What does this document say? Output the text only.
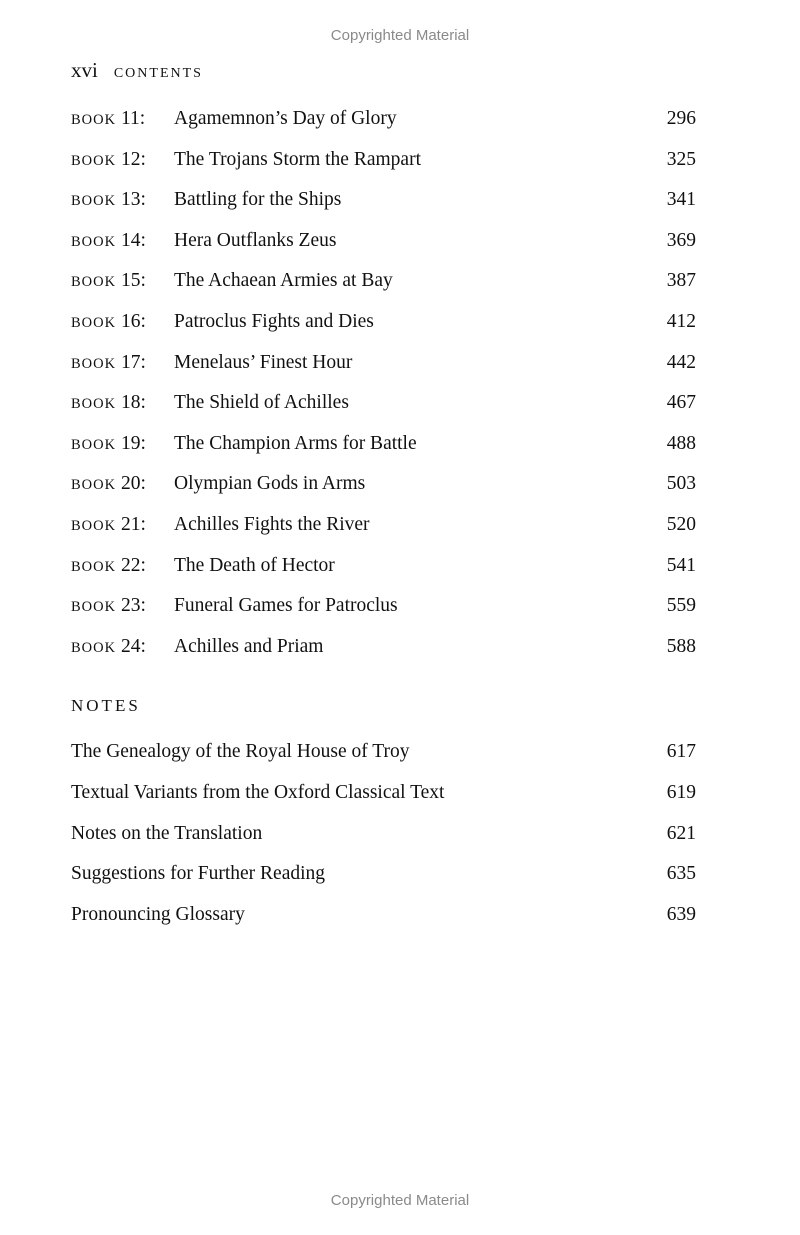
Copyrighted Material
xvi CONTENTS
BOOK 11: Agamemnon’s Day of Glory	296
BOOK 12: The Trojans Storm the Rampart	325
BOOK 13: Battling for the Ships	341
BOOK 14: Hera Outflanks Zeus	369
BOOK 15: The Achaean Armies at Bay	387
BOOK 16: Patroclus Fights and Dies	412
BOOK 17: Menelaus’ Finest Hour	442
BOOK 18: The Shield of Achilles	467
BOOK 19: The Champion Arms for Battle	488
BOOK 20: Olympian Gods in Arms	503
BOOK 21: Achilles Fights the River	520
BOOK 22: The Death of Hector	541
BOOK 23: Funeral Games for Patroclus	559
BOOK 24: Achilles and Priam	588
NOTES
The Genealogy of the Royal House of Troy	617
Textual Variants from the Oxford Classical Text	619
Notes on the Translation	621
Suggestions for Further Reading	635
Pronouncing Glossary	639
Copyrighted Material
